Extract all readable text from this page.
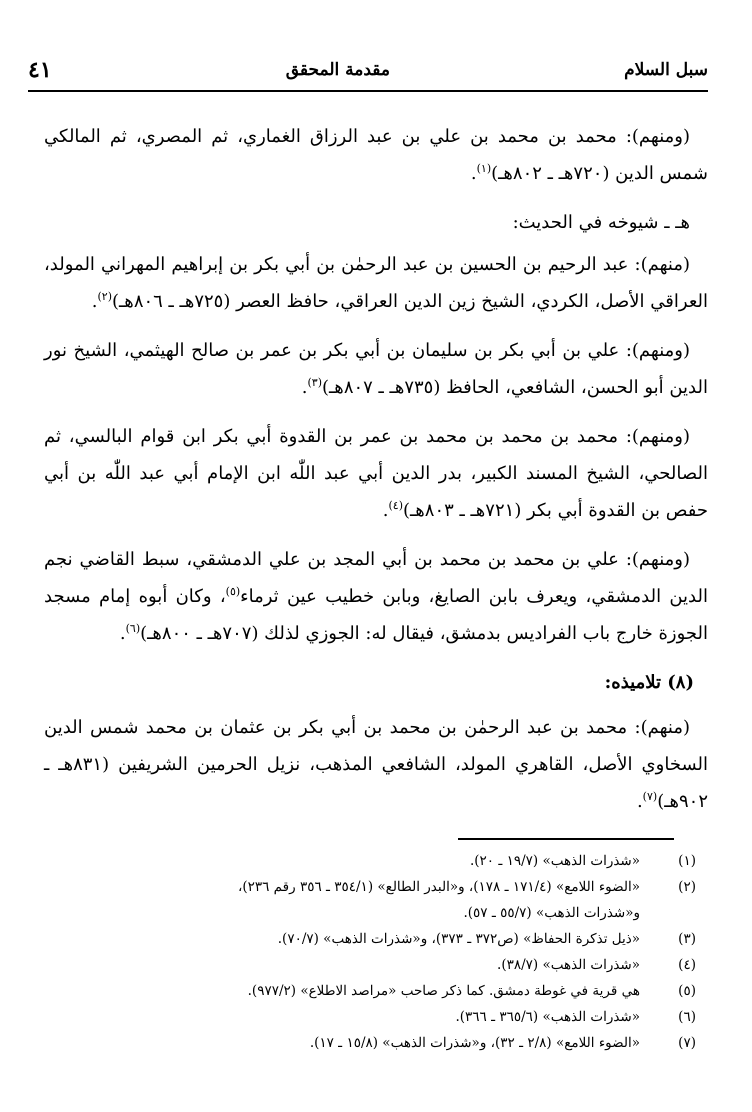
سبل السلام
مقدمة المحقق
٤١

(ومنهم): محمد بن محمد بن علي بن عبد الرزاق الغماري، ثم المصري، ثم المالكي شمس الدين (٧٢٠هـ ـ ٨٠٢هـ)$^{(١)}$.

هـ ـ شيوخه في الحديث:

(منهم): عبد الرحيم بن الحسين بن عبد الرحمٰن بن أبي بكر بن إبراهيم المهراني المولد، العراقي الأصل، الكردي، الشيخ زين الدين العراقي، حافظ العصر (٧٢٥هـ ـ ٨٠٦هـ)$^{(٢)}$.

(ومنهم): علي بن أبي بكر بن سليمان بن أبي بكر بن عمر بن صالح الهيثمي، الشيخ نور الدين أبو الحسن، الشافعي، الحافظ (٧٣٥هـ ـ ٨٠٧هـ)$^{(٣)}$.

(ومنهم): محمد بن محمد بن محمد بن عمر بن القدوة أبي بكر ابن قوام البالسي، ثم الصالحي، الشيخ المسند الكبير، بدر الدين أبي عبد اللّٰه ابن الإمام أبي عبد اللّٰه بن أبي حفص بن القدوة أبي بكر (٧٢١هـ ـ ٨٠٣هـ)$^{(٤)}$.

(ومنهم): علي بن محمد بن محمد بن أبي المجد بن علي الدمشقي، سبط القاضي نجم الدين الدمشقي، ويعرف بابن الصايغ، وبابن خطيب عين ثرماء$^{(٥)}$، وكان أبوه إمام مسجد الجوزة خارج باب الفراديس بدمشق، فيقال له: الجوزي لذلك (٧٠٧هـ ـ ٨٠٠هـ)$^{(٦)}$.

(٨) تلاميذه:

(منهم): محمد بن عبد الرحمٰن بن محمد بن أبي بكر بن عثمان بن محمد شمس الدين السخاوي الأصل، القاهري المولد، الشافعي المذهب، نزيل الحرمين الشريفين (٨٣١هـ ـ ٩٠٢هـ)$^{(٧)}$.

(١)
«شذرات الذهب» (١٩/٧ ـ ٢٠).
(٢)
«الضوء اللامع» (١٧١/٤ ـ ١٧٨)، و«البدر الطالع» (٣٥٤/١ ـ ٣٥٦ رقم ٢٣٦)،
و«شذرات الذهب» (٥٥/٧ ـ ٥٧).
(٣)
«ذيل تذكرة الحفاظ» (ص٣٧٢ ـ ٣٧٣)، و«شذرات الذهب» (٧٠/٧).
(٤)
«شذرات الذهب» (٣٨/٧).
(٥)
هي قرية في غوطة دمشق. كما ذكر صاحب «مراصد الاطلاع» (٩٧٧/٢).
(٦)
«شذرات الذهب» (٣٦٥/٦ ـ ٣٦٦).
(٧)
«الضوء اللامع» (٢/٨ ـ ٣٢)، و«شذرات الذهب» (١٥/٨ ـ ١٧).
